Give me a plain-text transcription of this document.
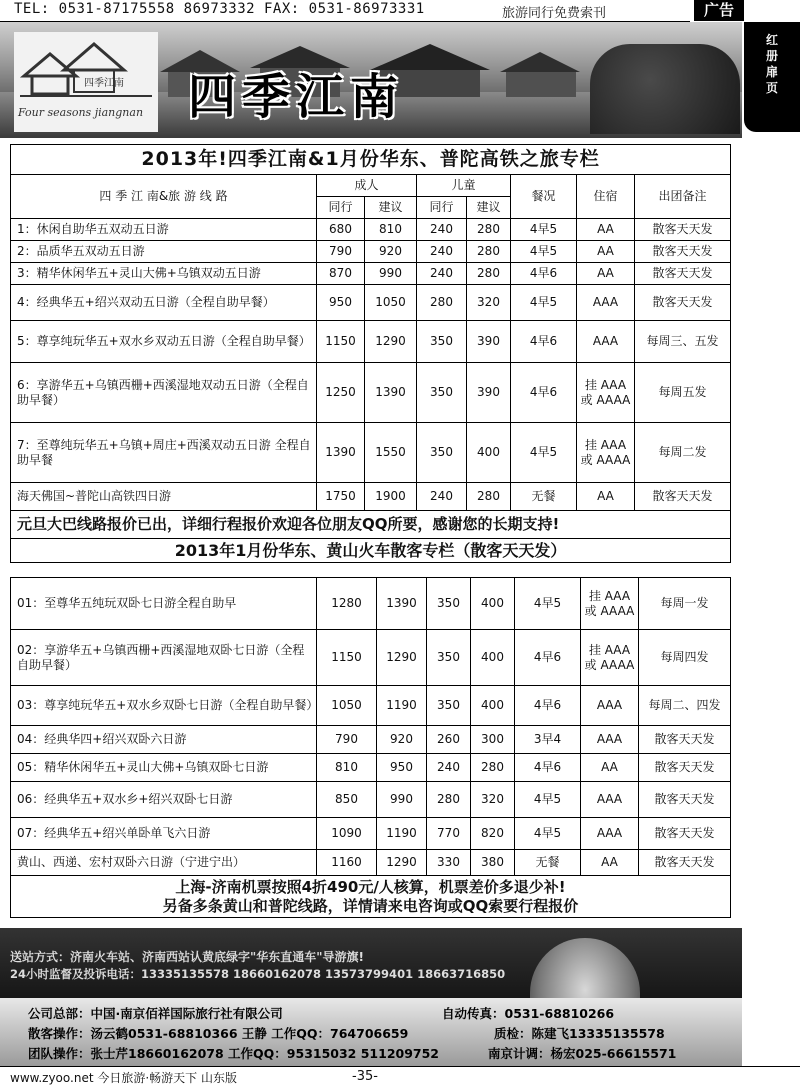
TEL: 0531-87175558 86973332 FAX: 0531-86973331	旅游同行免费索刊	广告
红
册
扉
页
四季江南
Four seasons jiangnan 四季江南
2013年!四季江南&1月份华东、普陀高铁之旅专栏							
四 季 江 南&旅 游 线 路	成人		儿童		餐况	住宿	出团备注
	同行	建议	同行	建议			
1：休闲自助华五双动五日游	680	810	240	280	4早5	AA	散客天天发
2：品质华五双动五日游	790	920	240	280	4早5	AA	散客天天发
3：精华休闲华五+灵山大佛+乌镇双动五日游	870	990	240	280	4早6	AA	散客天天发
4：经典华五+绍兴双动五日游（全程自助早餐）	950	1050	280	320	4早5	AAA	散客天天发
5：尊享纯玩华五+双水乡双动五日游（全程自助早餐）	1150	1290	350	390	4早6	AAA	每周三、五发
6：享游华五+乌镇西栅+西溪湿地双动五日游（全程自助早餐）	1250	1390	350	390	4早6	挂 AAA 或 AAAA	每周五发
7：至尊纯玩华五+乌镇+周庄+西溪双动五日游 全程自助早餐	1390	1550	350	400	4早5	挂 AAA 或 AAAA	每周二发
海天佛国~普陀山高铁四日游	1750	1900	240	280	无餐	AA	散客天天发
元旦大巴线路报价已出，详细行程报价欢迎各位朋友QQ所要，感谢您的长期支持!							
2013年1月份华东、黄山火车散客专栏（散客天天发）							
01：至尊华五纯玩双卧七日游全程自助早	1280	1390	350	400	4早5	挂 AAA 或 AAAA	每周一发
02：享游华五+乌镇西栅+西溪湿地双卧七日游（全程自助早餐）	1150	1290	350	400	4早6	挂 AAA 或 AAAA	每周四发
03：尊享纯玩华五+双水乡双卧七日游（全程自助早餐）	1050	1190	350	400	4早6	AAA	每周二、四发
04：经典华四+绍兴双卧六日游	790	920	260	300	3早4	AAA	散客天天发
05：精华休闲华五+灵山大佛+乌镇双卧七日游	810	950	240	280	4早6	AA	散客天天发
06：经典华五+双水乡+绍兴双卧七日游	850	990	280	320	4早5	AAA	散客天天发
07：经典华五+绍兴单卧单飞六日游	1090	1190	770	820	4早5	AAA	散客天天发
黄山、西递、宏村双卧六日游（宁进宁出）	1160	1290	330	380	无餐	AA	散客天天发

上海-济南机票按照4折490元/人核算，机票差价多退少补!
另备多条黄山和普陀线路，详情请来电咨询或QQ索要行程报价							
送站方式：济南火车站、济南西站认黄底绿字"华东直通车"导游旗!
24小时监督及投诉电话：13335135578 18660162078 13573799401 18663716850
公司总部：中国·南京佰祥国际旅行社有限公司	自动传真：0531-68810266
散客操作：汤云鹤0531-68810366 王静 工作QQ：764706659	质检：陈建飞13335135578
团队操作：张士芹18660162078 工作QQ：95315032 511209752	南京计调：杨宏025-66615571
www.zyoo.net 今日旅游·畅游天下 山东版	-35-
